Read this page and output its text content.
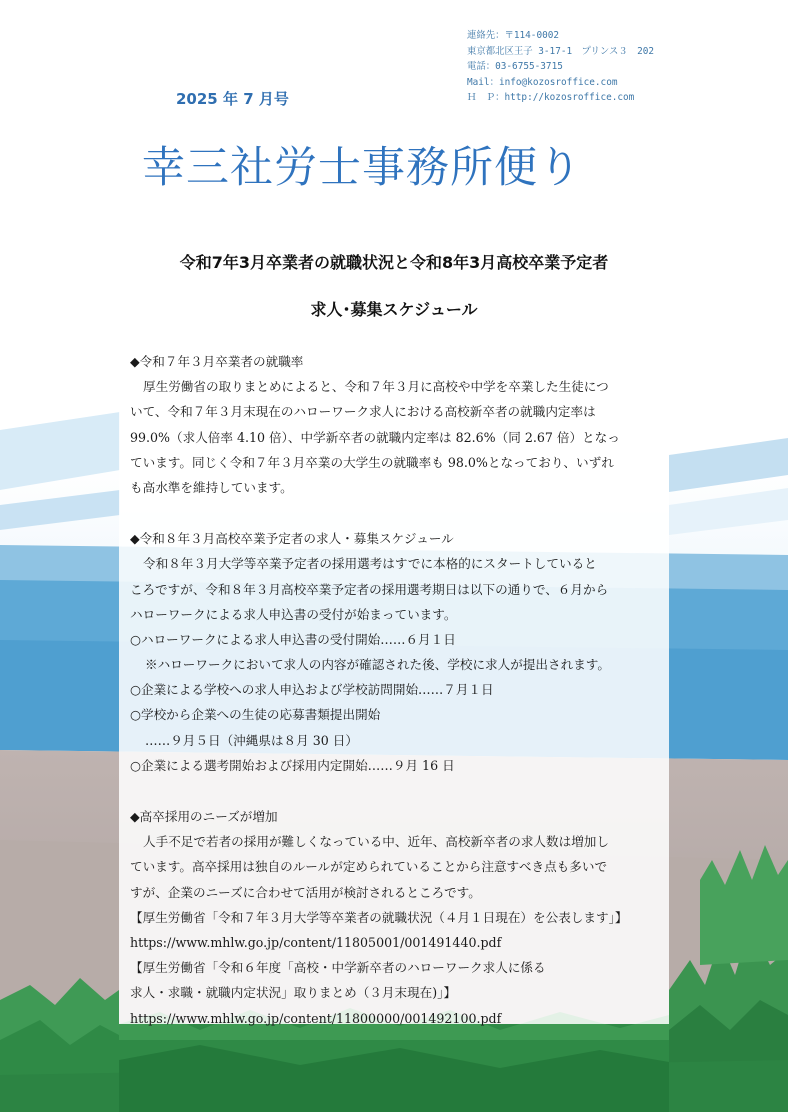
連絡先：〒114-0002
東京都北区王子 3-17-1　プリンス３　202
電話：03-6755-3715
Mail：info@kozosroffice.com
Ｈ　Ｐ：http://kozosroffice.com
2025 年 7 月号
幸三社労士事務所便り
令和7年3月卒業者の就職状況と令和8年3月高校卒業予定者
求人･募集スケジュール
◆令和７年３月卒業者の就職率
厚生労働省の取りまとめによると、令和７年３月に高校や中学を卒業した生徒につ
いて、令和７年３月末現在のハローワーク求人における高校新卒者の就職内定率は
99.0%（求人倍率 4.10 倍）、中学新卒者の就職内定率は 82.6%（同 2.67 倍）となっ
ています。同じく令和７年３月卒業の大学生の就職率も 98.0%となっており、いずれ
も高水準を維持しています。
◆令和８年３月高校卒業予定者の求人・募集スケジュール
令和８年３月大学等卒業予定者の採用選考はすでに本格的にスタートしていると
ころですが、令和８年３月高校卒業予定者の採用選考期日は以下の通りで、６月から
ハローワークによる求人申込書の受付が始まっています。
○ハローワークによる求人申込書の受付開始……６月１日
※ハローワークにおいて求人の内容が確認された後、学校に求人が提出されます。
○企業による学校への求人申込および学校訪問開始……７月１日
○学校から企業への生徒の応募書類提出開始
……９月５日（沖縄県は８月 30 日）
○企業による選考開始および採用内定開始……９月 16 日
◆高卒採用のニーズが増加
人手不足で若者の採用が難しくなっている中、近年、高校新卒者の求人数は増加し
ています。高卒採用は独自のルールが定められていることから注意すべき点も多いで
すが、企業のニーズに合わせて活用が検討されるところです。
【厚生労働省「令和７年３月大学等卒業者の就職状況（４月１日現在）を公表します」】
https://www.mhlw.go.jp/content/11805001/001491440.pdf
【厚生労働省「令和６年度「高校・中学新卒者のハローワーク求人に係る
求人・求職・就職内定状況」取りまとめ（３月末現在)」】
https://www.mhlw.go.jp/content/11800000/001492100.pdf
